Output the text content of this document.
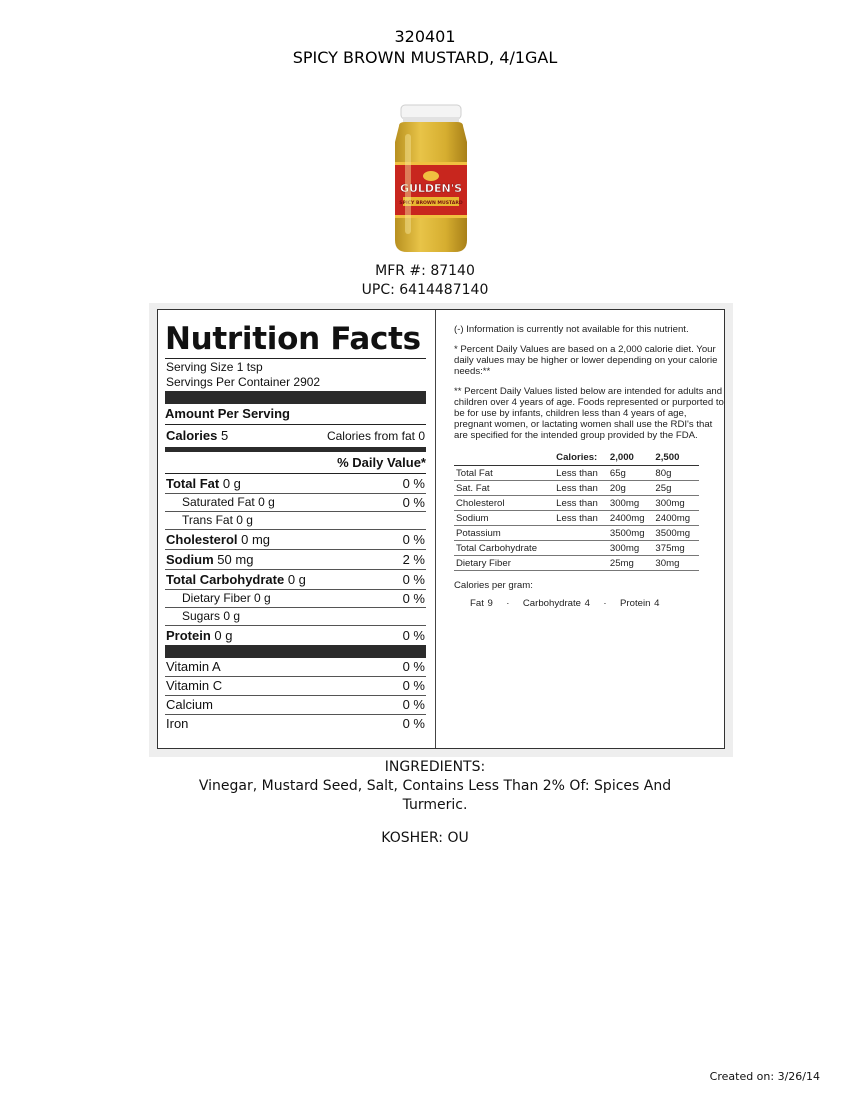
320401
SPICY BROWN MUSTARD, 4/1GAL
GULDEN'S
SPICY BROWN MUSTARD
MFR #: 87140
UPC: 6414487140
Nutrition Facts
Serving Size 1 tsp
Servings Per Container 2902
Amount Per Serving
Calories 5	Calories from fat 0
% Daily Value*
Total Fat 0 g	0 %
Saturated Fat 0 g	0 %
Trans Fat 0 g
Cholesterol 0 mg	0 %
Sodium 50 mg	2 %
Total Carbohydrate 0 g	0 %
Dietary Fiber 0 g	0 %
Sugars 0 g
Protein 0 g	0 %
Vitamin A	0 %
Vitamin C	0 %
Calcium	0 %
Iron	0 %

(-) Information is currently not available for this nutrient.

* Percent Daily Values are based on a 2,000 calorie diet. Your daily values may be higher or lower depending on your calorie needs:**

** Percent Daily Values listed below are intended for adults and children over 4 years of age. Foods represented or purported to be for use by infants, children less than 4 years of age, pregnant women, or lactating women shall use the RDI's that are specified for the intended group provided by the FDA.

	Calories:	2,000	2,500
Total Fat	Less than	65g	80g
Sat. Fat	Less than	20g	25g
Cholesterol	Less than	300mg	300mg
Sodium	Less than	2400mg	2400mg
Potassium		3500mg	3500mg
Total Carbohydrate		300mg	375mg
Dietary Fiber		25mg	30mg
Calories per gram:
Fat 9 · Carbohydrate 4 · Protein 4
INGREDIENTS:
Vinegar, Mustard Seed, Salt, Contains Less Than 2% Of: Spices And Turmeric.
KOSHER: OU
Created on: 3/26/14
